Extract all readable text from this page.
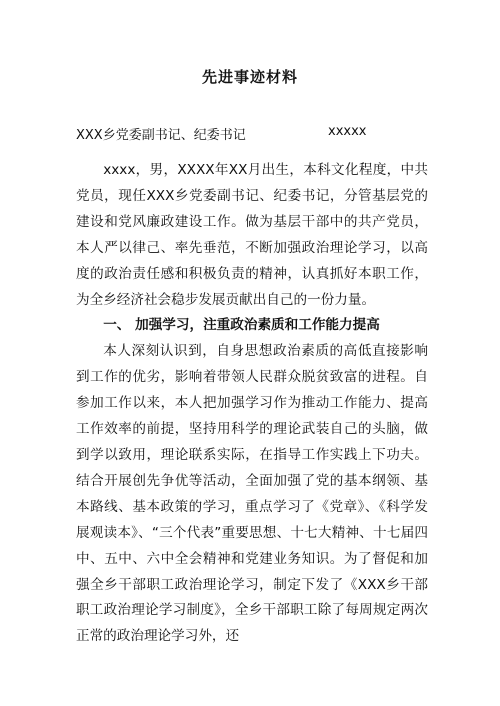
先进事迹材料
XXX乡党委副书记、纪委书记	xxxxx

xxxx，男，XXXX年XX月出生，本科文化程度，中共党员，现任XXX乡党委副书记、纪委书记，分管基层党的建设和党风廉政建设工作。做为基层干部中的共产党员，本人严以律己、率先垂范，不断加强政治理论学习，以高度的政治责任感和积极负责的精神，认真抓好本职工作，为全乡经济社会稳步发展贡献出自己的一份力量。

一、 加强学习，注重政治素质和工作能力提高

本人深刻认识到，自身思想政治素质的高低直接影响到工作的优劣，影响着带领人民群众脱贫致富的进程。自参加工作以来，本人把加强学习作为推动工作能力、提高工作效率的前提，坚持用科学的理论武装自己的头脑，做到学以致用，理论联系实际，在指导工作实践上下功夫。结合开展创先争优等活动，全面加强了党的基本纲领、基本路线、基本政策的学习，重点学习了《党章》、《科学发展观读本》、“三个代表”重要思想、十七大精神、十七届四中、五中、六中全会精神和党建业务知识。为了督促和加强全乡干部职工政治理论学习，制定下发了《XXX乡干部职工政治理论学习制度》，全乡干部职工除了每周规定两次正常的政治理论学习外，还
